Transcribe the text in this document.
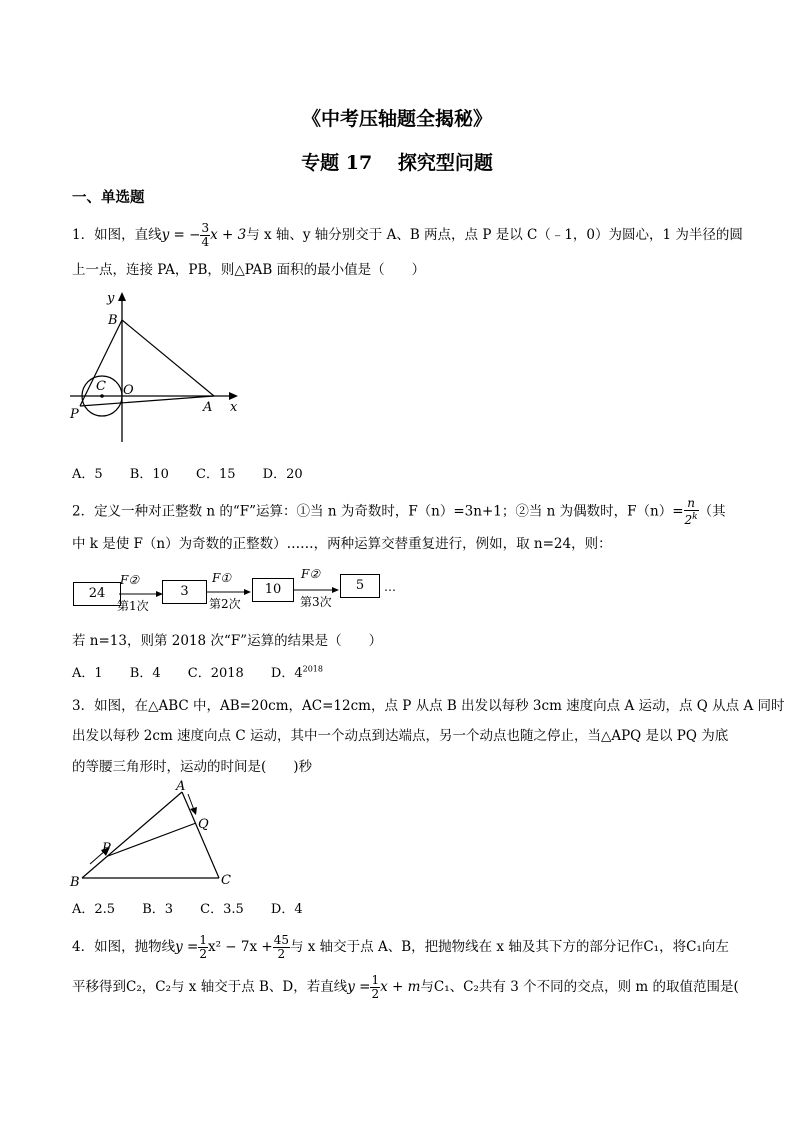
《中考压轴题全揭秘》
专题 17　 探究型问题
一、单选题
1．如图，直线y = − $\frac{3}{4}$ x + 3与 x 轴、y 轴分别交于 A、B 两点，点 P 是以 C（﹣1，0）为圆心，1 为半径的圆
上一点，连接 PA，PB，则△PAB 面积的最小值是（　　）
y
B
C O
A x
P
A．5　 B．10　 C．15　 D．20
2．定义一种对正整数 n 的“F”运算：①当 n 为奇数时，F（n）=3n+1；②当 n 为偶数时，$F(n)= \frac{n}{2^k}$ （其
中 k 是使 F（n）为奇数的正整数）……，两种运算交替重复进行，例如，取 n=24，则：
24	3	10	5	…
F②	F①	F②
第1次	第2次	第3次
若 n=13，则第 2018 次“F”运算的结果是（　　）
A．1　 B．4　 C．2018　 D．$4^{2018}$
3．如图，在△ABC 中，AB=20cm，AC=12cm，点 P 从点 B 出发以每秒 3cm 速度向点 A 运动，点 Q 从点 A 同时
出发以每秒 2cm 速度向点 C 运动，其中一个动点到达端点，另一个动点也随之停止，当△APQ 是以 PQ 为底
的等腰三角形时，运动的时间是(　　)秒
A
Q
P
B	C
A．2.5　 B．3　 C．3.5　 D．4
4．如图，抛物线$y = \frac{1}{2} x^2 - 7x + \frac{45}{2}$ 与 x 轴交于点 A、B，把抛物线在 x 轴及其下方的部分记作C₁，将C₁向左
平移得到C₂，C₂与 x 轴交于点 B、D，若直线$y = \frac{1}{2}$ x + m与C₁、C₂共有 3 个不同的交点，则 m 的取值范围是(
